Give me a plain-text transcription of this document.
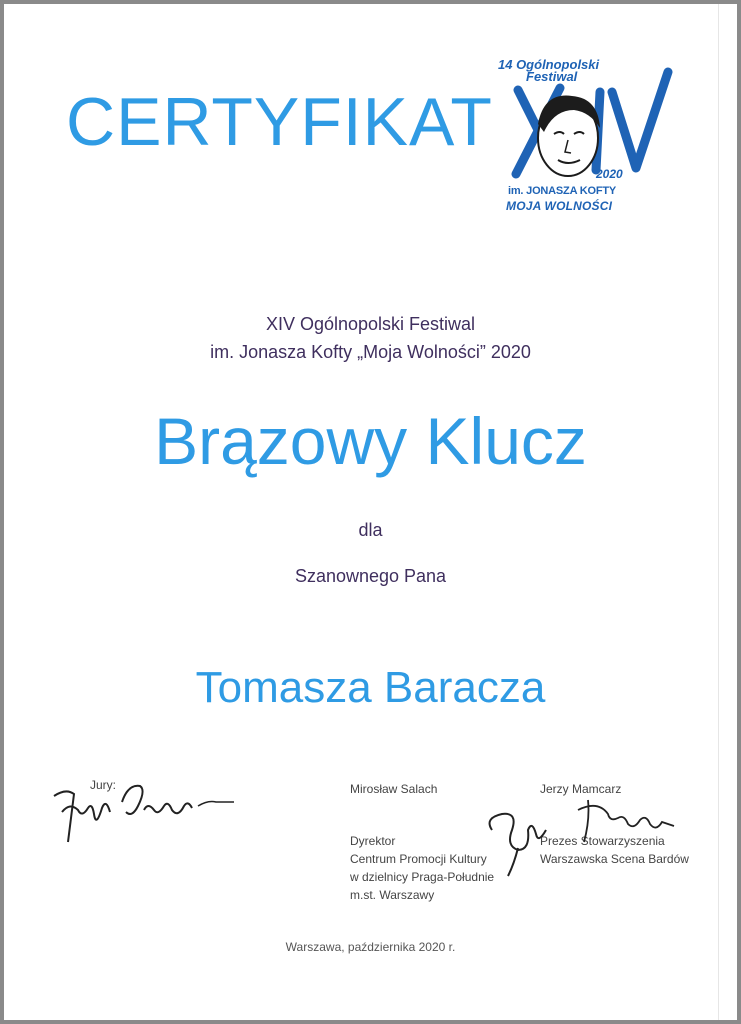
CERTYFIKAT
14 Ogólnopolski
Festiwal
2020
im. JONASZA KOFTY
MOJA WOLNOŚCI
XIV Ogólnopolski Festiwal
im. Jonasza Kofty „Moja Wolności” 2020
Brązowy Klucz
dla
Szanownego Pana
Tomasza Baracza
Jury:	Mirosław Salach
Dyrektor
Centrum Promocji Kultury
w dzielnicy Praga-Południe
m.st. Warszawy
Jerzy Mamcarz
Prezes Stowarzyszenia
Warszawska Scena Bardów
Warszawa, października 2020 r.
